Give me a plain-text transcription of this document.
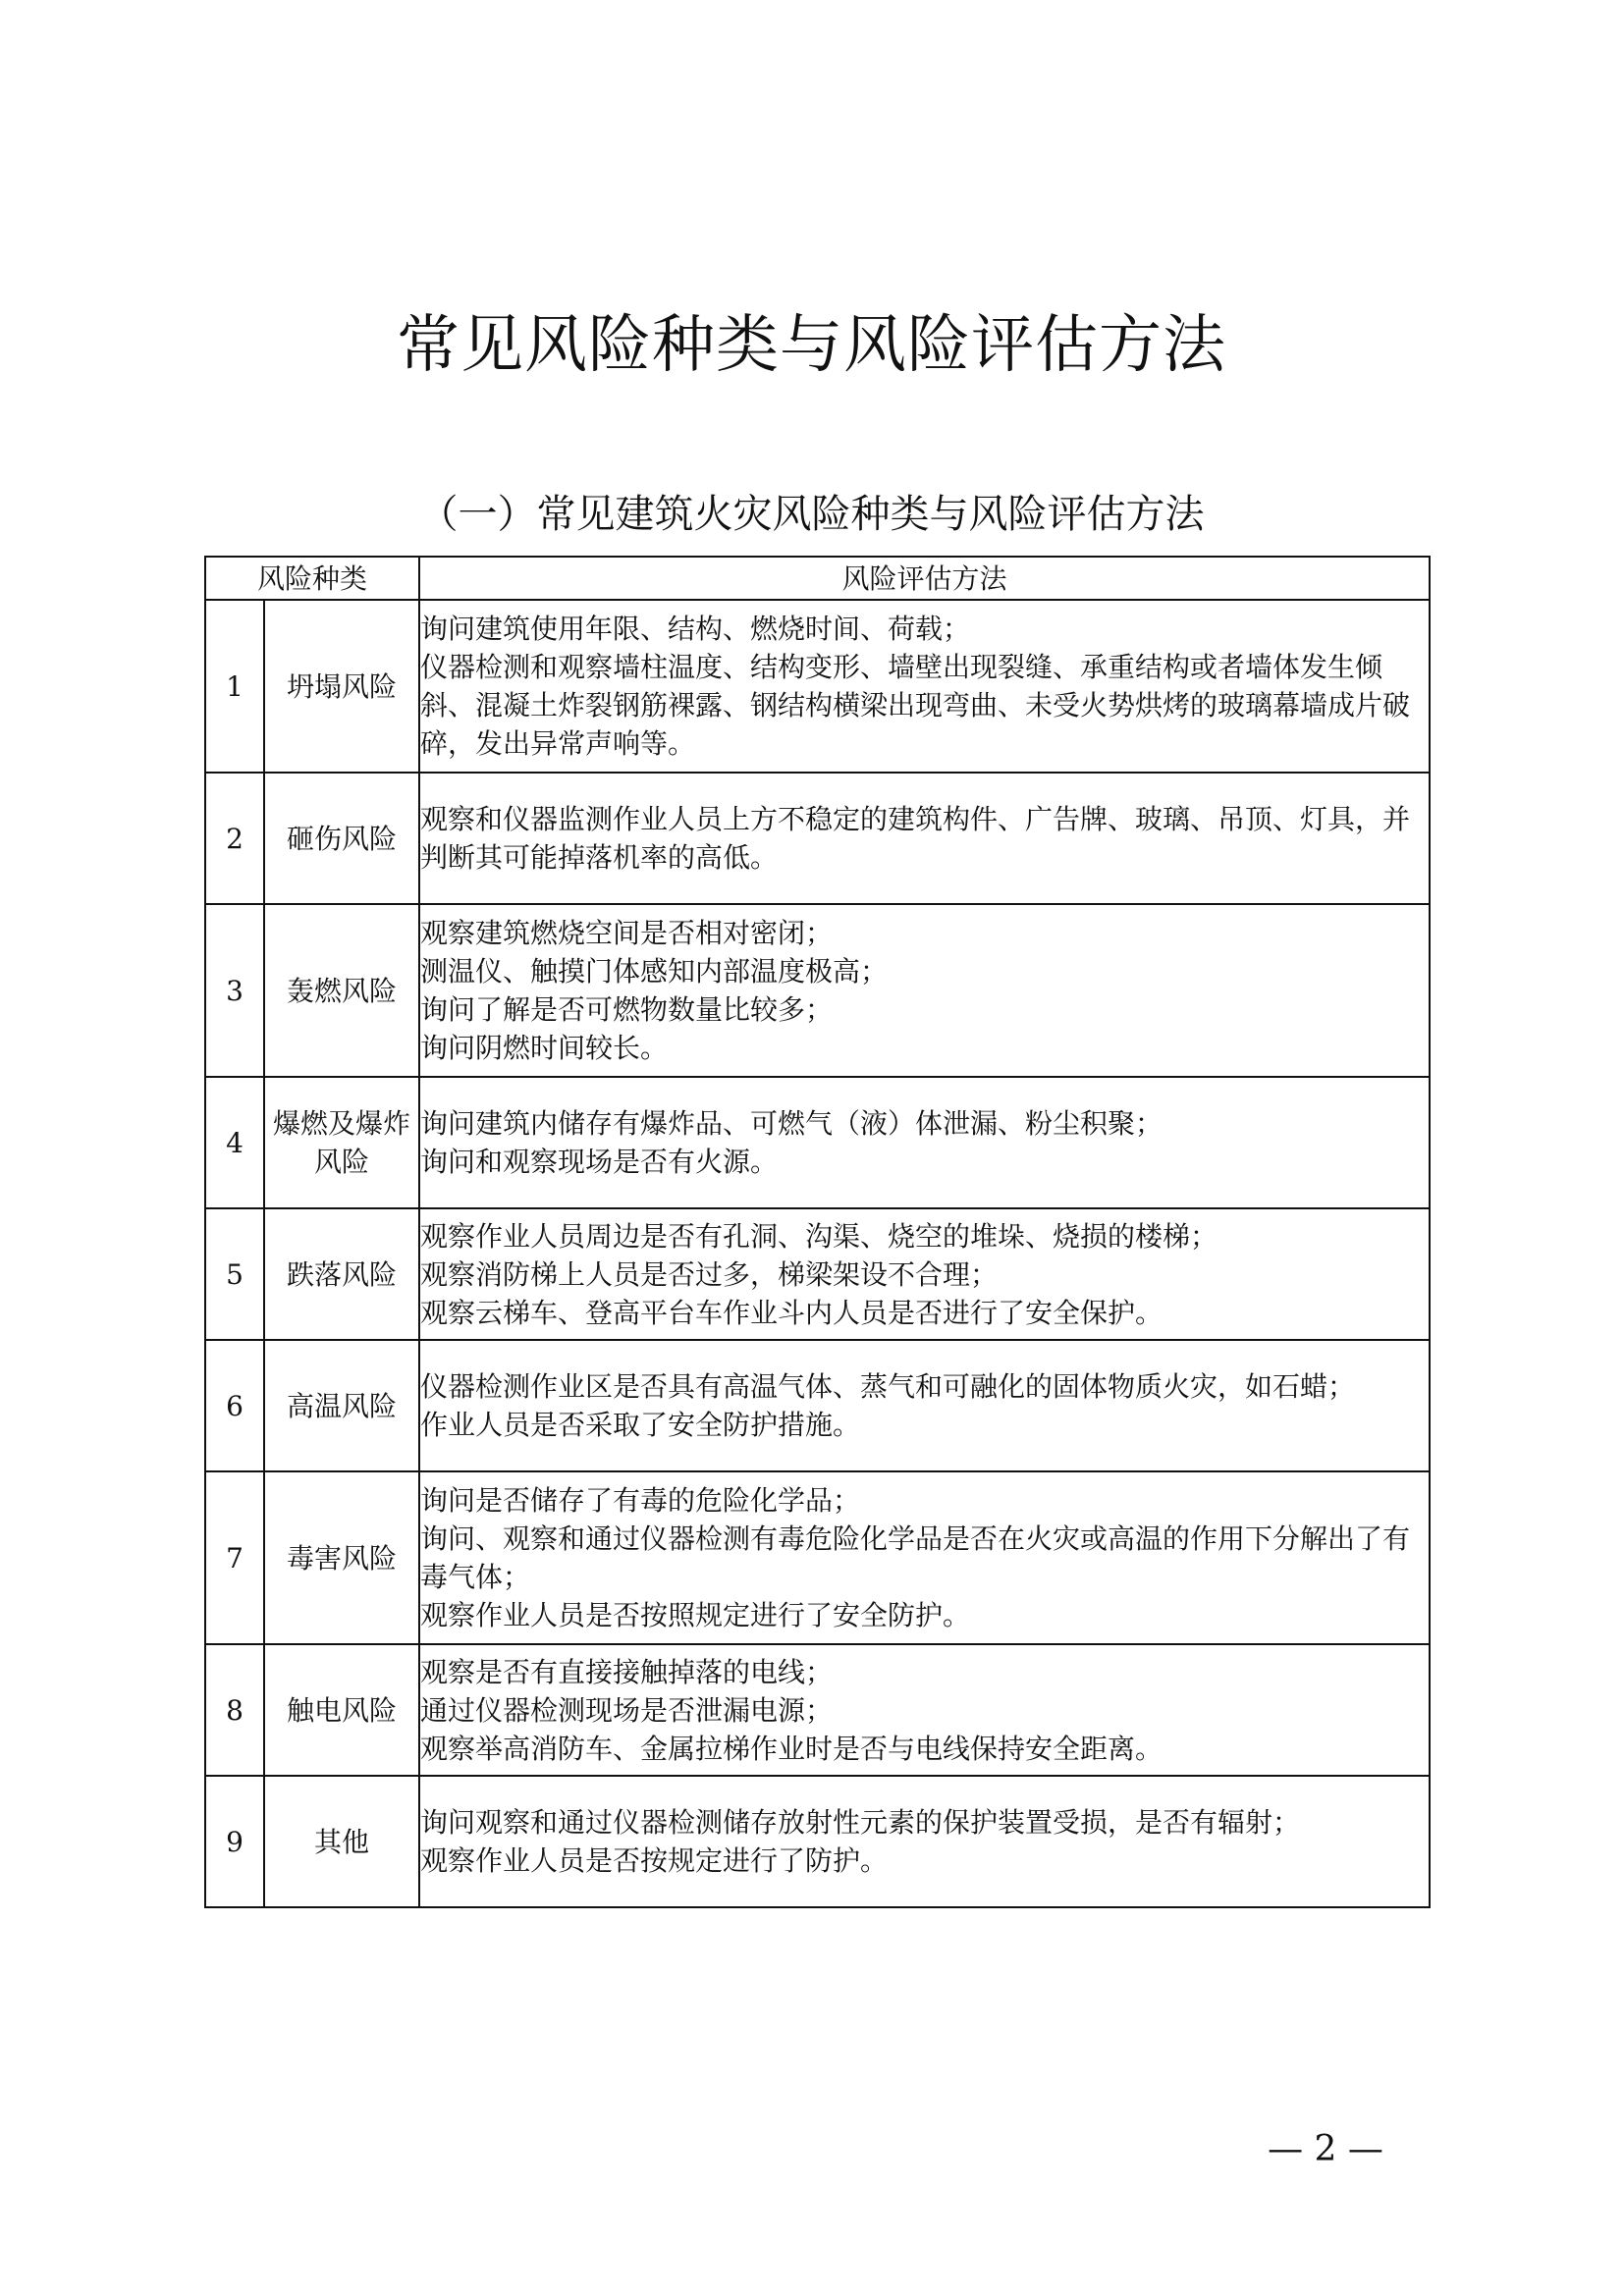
常见风险种类与风险评估方法
（一）常见建筑火灾风险种类与风险评估方法
风险种类		风险评估方法
1	坍塌风险	询问建筑使用年限、结构、燃烧时间、荷载；
仪器检测和观察墙柱温度、结构变形、墙壁出现裂缝、承重结构或者墙体发生倾斜、混凝土炸裂钢筋裸露、钢结构横梁出现弯曲、未受火势烘烤的玻璃幕墙成片破碎，发出异常声响等。

2	砸伤风险	观察和仪器监测作业人员上方不稳定的建筑构件、广告牌、玻璃、吊顶、灯具，并判断其可能掉落机率的高低。

3	轰燃风险	观察建筑燃烧空间是否相对密闭；
测温仪、触摸门体感知内部温度极高；
询问了解是否可燃物数量比较多；
询问阴燃时间较长。

4	爆燃及爆炸风险	询问建筑内储存有爆炸品、可燃气（液）体泄漏、粉尘积聚；
询问和观察现场是否有火源。

5	跌落风险	观察作业人员周边是否有孔洞、沟渠、烧空的堆垛、烧损的楼梯；
观察消防梯上人员是否过多，梯梁架设不合理；
观察云梯车、登高平台车作业斗内人员是否进行了安全保护。

6	高温风险	仪器检测作业区是否具有高温气体、蒸气和可融化的固体物质火灾，如石蜡；
作业人员是否采取了安全防护措施。

7	毒害风险	询问是否储存了有毒的危险化学品；
询问、观察和通过仪器检测有毒危险化学品是否在火灾或高温的作用下分解出了有毒气体；
观察作业人员是否按照规定进行了安全防护。

8	触电风险	观察是否有直接接触掉落的电线；
通过仪器检测现场是否泄漏电源；
观察举高消防车、金属拉梯作业时是否与电线保持安全距离。

9	其他	询问观察和通过仪器检测储存放射性元素的保护装置受损，是否有辐射；
观察作业人员是否按规定进行了防护。
— 2 —
